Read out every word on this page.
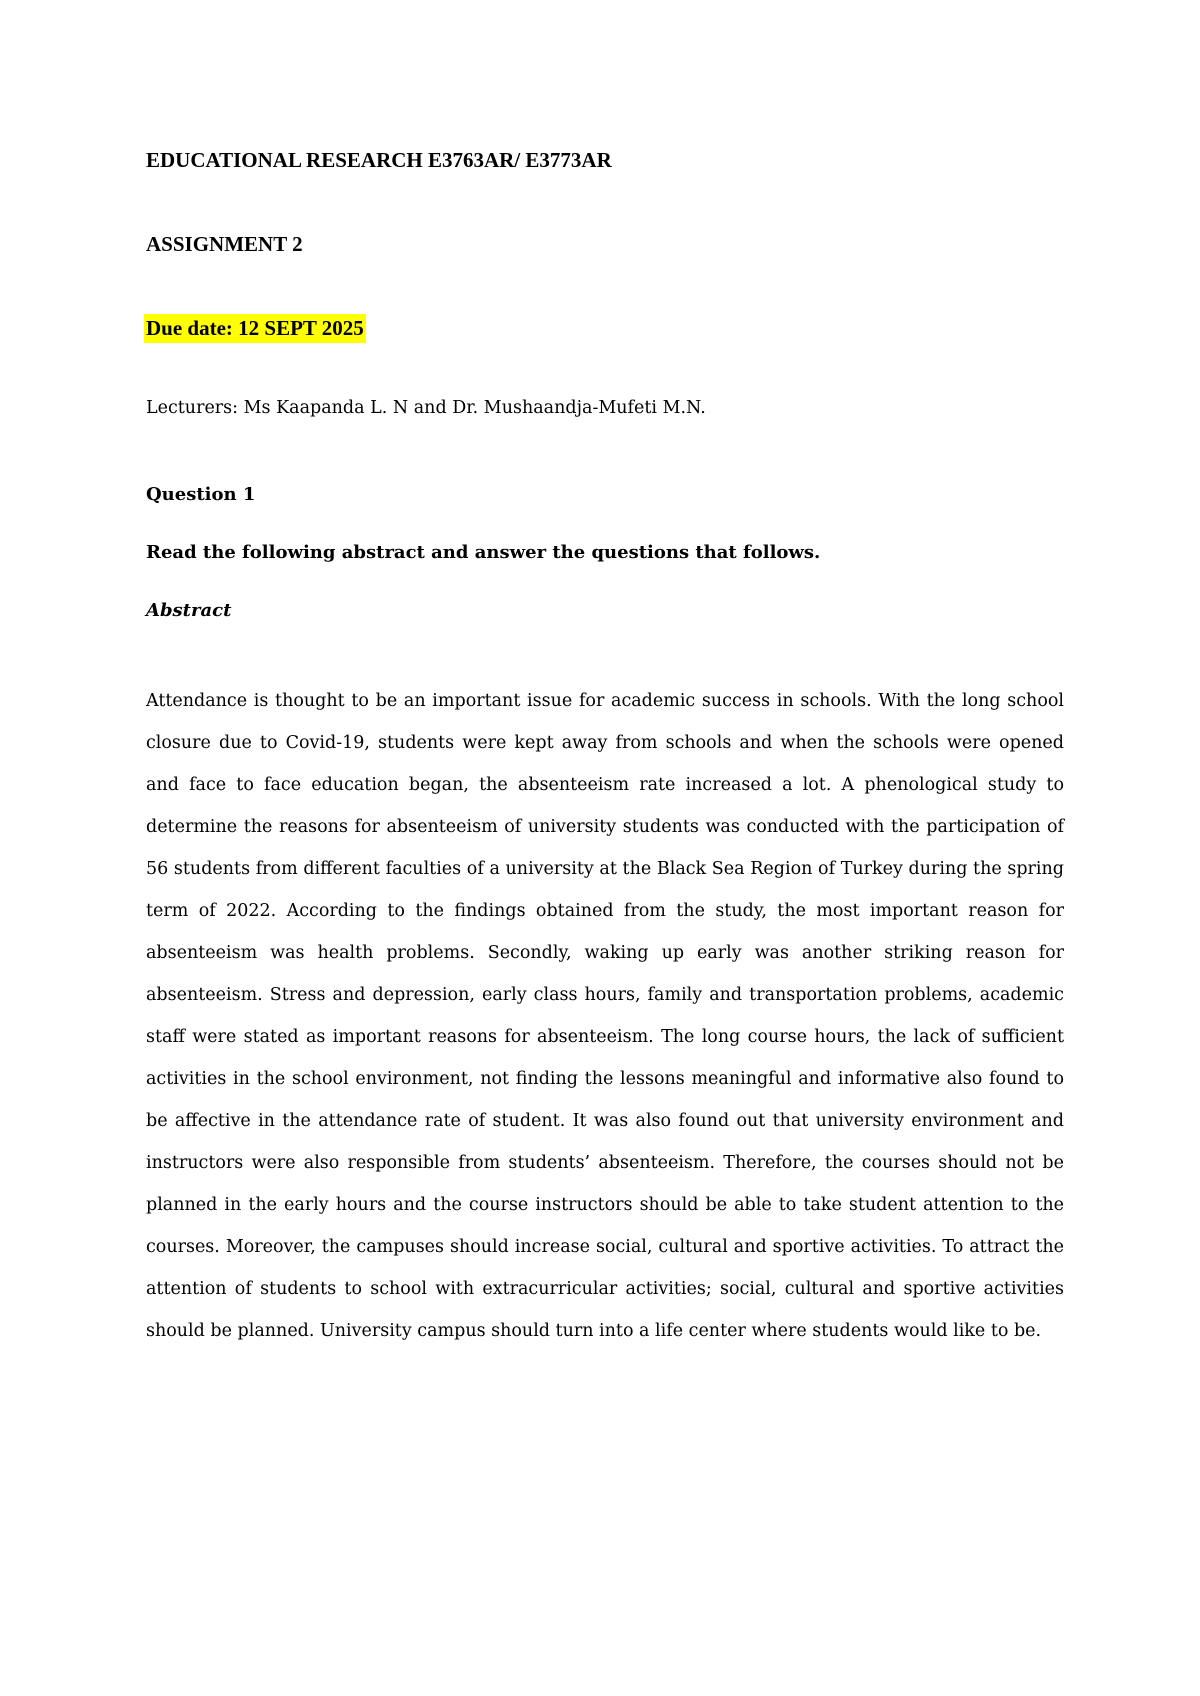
EDUCATIONAL RESEARCH E3763AR/ E3773AR

ASSIGNMENT 2

Due date: 12 SEPT 2025

Lecturers: Ms Kaapanda L. N and Dr. Mushaandja-Mufeti M.N.

Question 1

Read the following abstract and answer the questions that follows.

Abstract

Attendance is thought to be an important issue for academic success in schools. With the long school closure due to Covid-19, students were kept away from schools and when the schools were opened and face to face education began, the absenteeism rate increased a lot. A phenological study to determine the reasons for absenteeism of university students was conducted with the participation of 56 students from different faculties of a university at the Black Sea Region of Turkey during the spring term of 2022. According to the findings obtained from the study, the most important reason for absenteeism was health problems. Secondly, waking up early was another striking reason for absenteeism. Stress and depression, early class hours, family and transportation problems, academic staff were stated as important reasons for absenteeism. The long course hours, the lack of sufficient activities in the school environment, not finding the lessons meaningful and informative also found to be affective in the attendance rate of student. It was also found out that university environment and instructors were also responsible from students’ absenteeism. Therefore, the courses should not be planned in the early hours and the course instructors should be able to take student attention to the courses. Moreover, the campuses should increase social, cultural and sportive activities. To attract the attention of students to school with extracurricular activities; social, cultural and sportive activities should be planned. University campus should turn into a life center where students would like to be.
